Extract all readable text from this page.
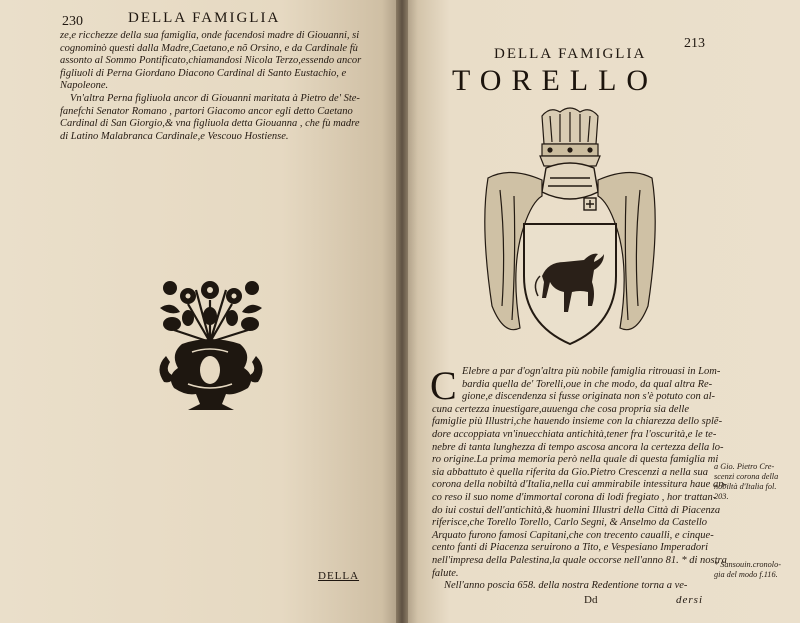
230	DELLA FAMIGLIA
ze,e ricchezze della sua famiglia, onde facendosi madre di Giouanni, si
cognominò questi dalla Madre,Caetano,e nõ Orsino, e da Cardinale fù
assonto al Sommo Pontificato,chiamandosi Nicola Terzo,essendo ancor
figliuoli di Perna Giordano Diacono Cardinal di Santo Eustachio, e
Napoleone.
Vn'altra Perna figliuola ancor di Giouanni maritata à Pietro de' Ste-
fanefchi Senator Romano , partori Giacomo ancor egli detto Caetano
Cardinal di San Giorgio,& vna figliuola detta Giouanna , che fù madre
di Latino Malabranca Cardinale,e Vescouo Hostiense.
DELLA
DELLA FAMIGLIA
213
TORELLO
C Elebre a par d'ogn'altra più nobile famiglia ritrouasi in Lom-
bardia quella de' Torelli,oue in che modo, da qual altra Re-
gione,e discendenza si fusse originata non s'è potuto con al-
cuna certezza inuestigare,auuenga che cosa propria sia delle
famiglie più Illustri,che hauendo insieme con la chiarezza dello splẽ-
dore accoppiata vn'inuecchiata antichità,tener fra l'oscurità,e le te-
nebre di tanta lunghezza di tempo ascosa ancora la certezza della lo-
ro origine.La prima memoria però nella quale di questa famiglia mi
sia abbattuto è quella riferita da Gio.Pietro Crescenzi a nella sua
corona della nobiltà d'Italia,nella cui ammirabile intessitura haue an-
co reso il suo nome d'immortal corona di lodi fregiato , hor trattan-
do iui costui dell'antichità,& huomini Illustri della Città di Piacenza
riferisce,che Torello Torello, Carlo Segni, & Anselmo da Castello
Arquato furono famosi Capitani,che con trecento caualli, e cinque-
cento fanti di Piacenza seruirono a Tito, e Vespesiano Imperadori
nell'impresa della Palestina,la quale occorse nell'anno 81. * di nostra
falute.
Nell'anno poscia 658. della nostra Redentione torna a ve-
Dd	dersi
a Gio. Pietro Cre-
scenzi corona della
nobiltà d'Italia fol.
203.
* Sansouin.cronolo-
gia del modo f.116.
